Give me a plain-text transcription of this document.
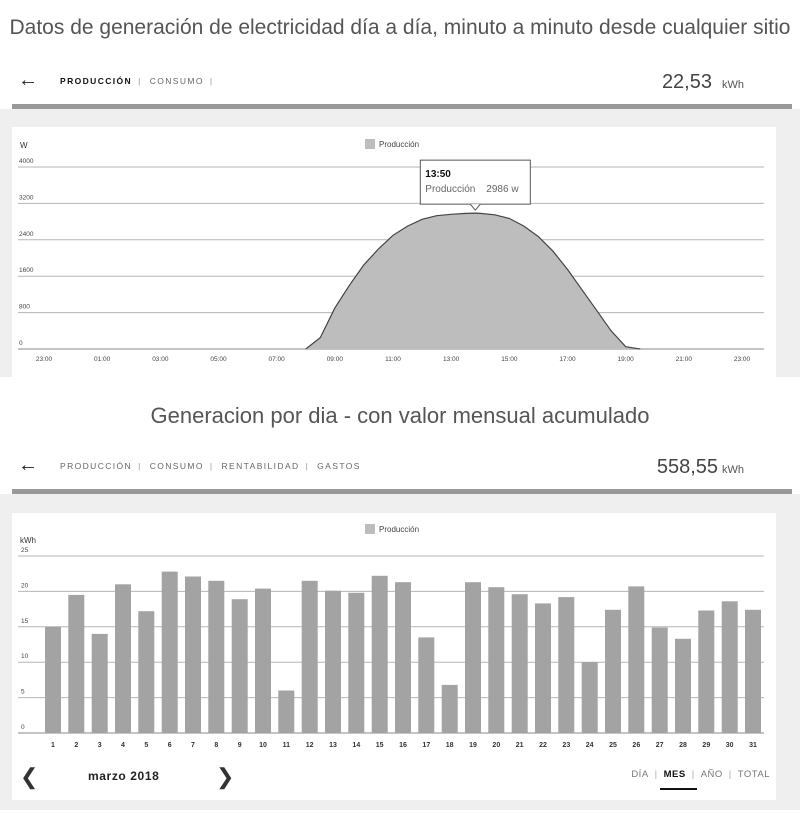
Datos de generación de electricidad día a día, minuto a minuto desde cualquier sitio
←	PRODUCCIÓN | CONSUMO |	22,53 kWh
Producción
W
0
800
1600
2400
3200
4000
23:00	01:00	03:00	05:00	07:00	09:00	11:00	13:00	15:00	17:00	19:00	21:00	23:00
13:50
Producción 2986 w
Generacion por dia - con valor mensual acumulado
←	PRODUCCIÓN | CONSUMO | RENTABILIDAD | GASTOS	558,55 kWh
Producción
kWh
0
5
10
15
20
25
1	2	3	4	5	6	7	8	9 10 11 12 13 14 15 16 17 18 19 20 21 22 23 24 25 26 27 28 29 30 31
❮	marzo 2018	❯	DÍA | MES | AÑO | TOTAL
